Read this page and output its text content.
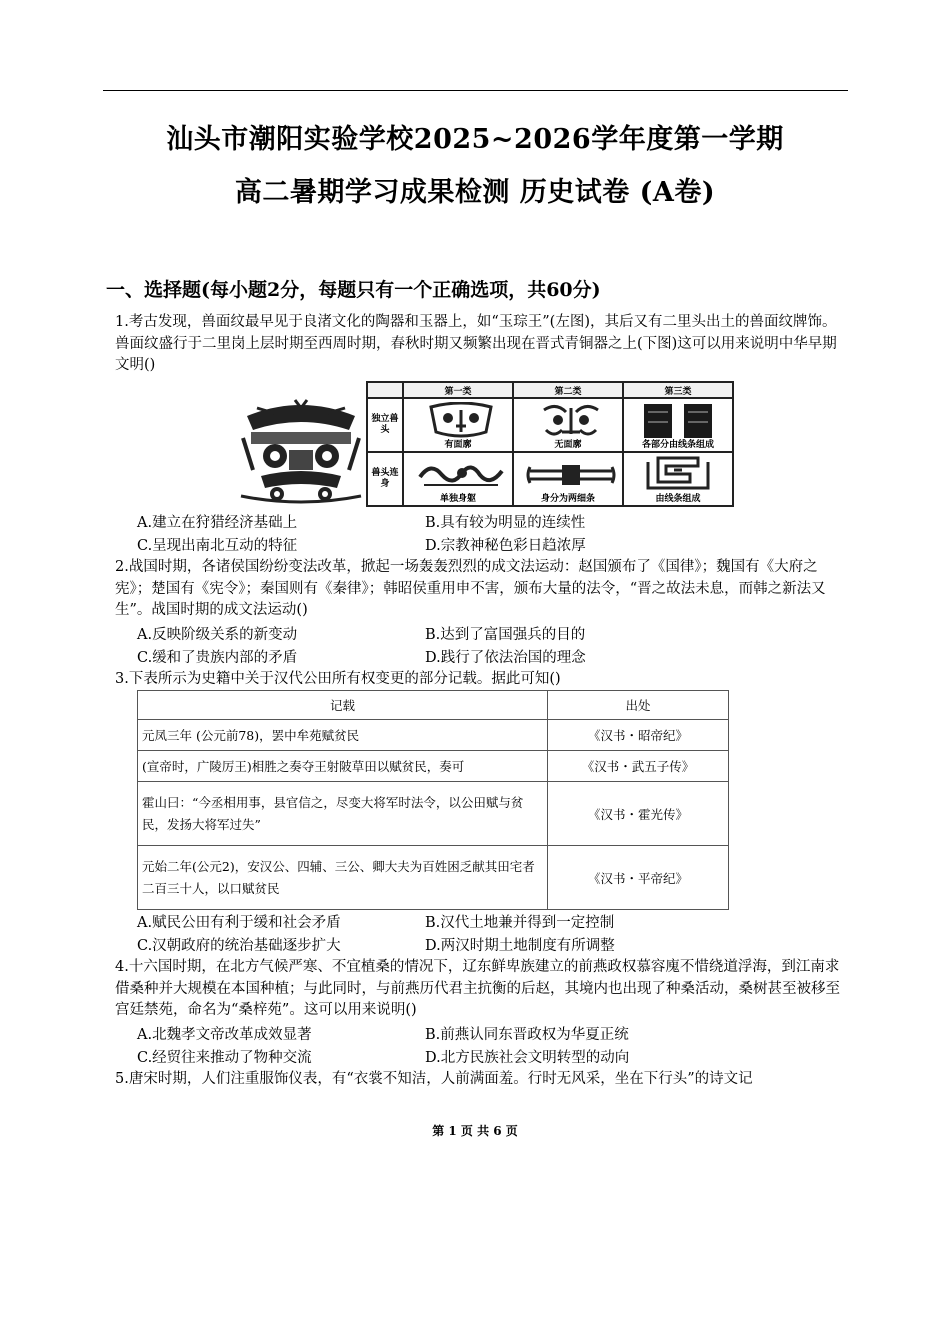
汕头市潮阳实验学校2025~2026学年度第一学期
高二暑期学习成果检测 历史试卷 (A卷)
一、选择题(每小题2分，每题只有一个正确选项，共60分)
1.考古发现，兽面纹最早见于良渚文化的陶器和玉器上，如“玉琮王”(左图)，其后又有二里头出土的兽面纹牌饰。兽面纹盛行于二里岗上层时期至西周时期，春秋时期又频繁出现在晋式青铜器之上(下图)这可以用来说明中华早期文明()
	第一类	第二类	第三类
独立兽头	有面廓	无面廓	各部分由线条组成

兽头连身	单独身躯	身分为两细条	由线条组成
A.建立在狩猎经济基础上	B.具有较为明显的连续性
C.呈现出南北互动的特征	D.宗教神秘色彩日趋浓厚
2.战国时期，各诸侯国纷纷变法改革，掀起一场轰轰烈烈的成文法运动：赵国颁布了《国律》；魏国有《大府之宪》；楚国有《宪令》；秦国则有《秦律》；韩昭侯重用申不害，颁布大量的法令，“晋之故法未息，而韩之新法又生”。战国时期的成文法运动()
A.反映阶级关系的新变动	B.达到了富国强兵的目的
C.缓和了贵族内部的矛盾	D.践行了依法治国的理念
3.下表所示为史籍中关于汉代公田所有权变更的部分记载。据此可知()
记载	出处
元凤三年 (公元前78)，罢中牟苑赋贫民	《汉书・昭帝纪》
(宣帝时，广陵厉王)相胜之奏夺王射陂草田以赋贫民，奏可	《汉书・武五子传》
霍山曰：“今丞相用事，县官信之，尽变大将军时法令，以公田赋与贫民，发扬大将军过失”	《汉书・霍光传》
元始二年(公元2)，安汉公、四辅、三公、卿大夫为百姓困乏献其田宅者二百三十人，以口赋贫民	《汉书・平帝纪》
A.赋民公田有利于缓和社会矛盾	B.汉代土地兼并得到一定控制
C.汉朝政府的统治基础逐步扩大	D.两汉时期土地制度有所调整
4.十六国时期，在北方气候严寒、不宜植桑的情况下，辽东鲜卑族建立的前燕政权慕容廆不惜绕道浮海，到江南求借桑种并大规模在本国种植；与此同时，与前燕历代君主抗衡的后赵，其境内也出现了种桑活动，桑树甚至被移至宫廷禁苑，命名为“桑梓苑”。这可以用来说明()
A.北魏孝文帝改革成效显著	B.前燕认同东晋政权为华夏正统
C.经贸往来推动了物种交流	D.北方民族社会文明转型的动向
5.唐宋时期，人们注重服饰仪表，有“衣裳不知洁，人前满面羞。行时无风采，坐在下行头”的诗文记
第 1 页 共 6 页
